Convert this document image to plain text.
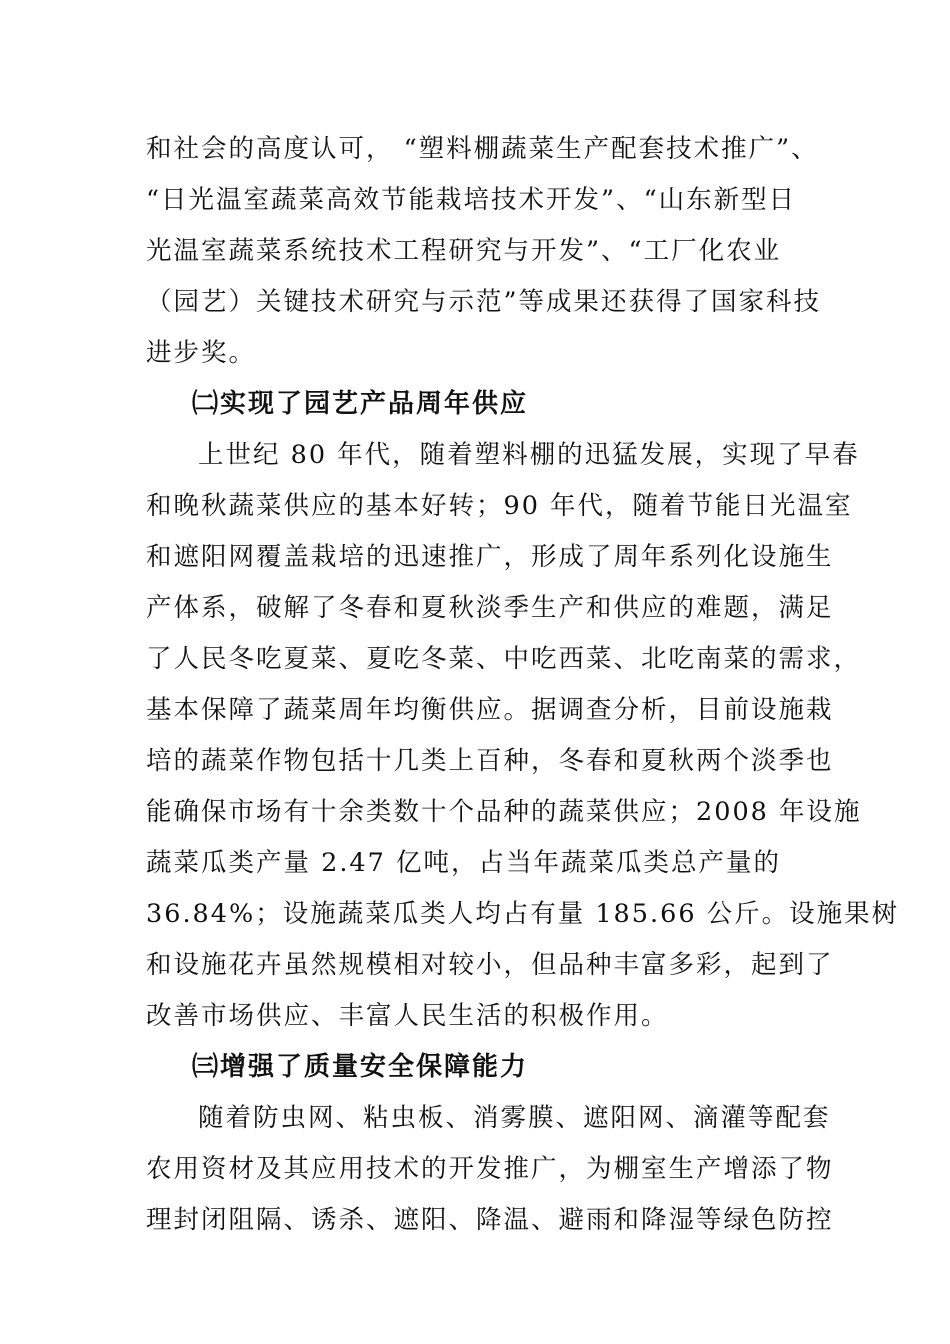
和社会的高度认可， “塑料棚蔬菜生产配套技术推广”、
“日光温室蔬菜高效节能栽培技术开发”、“山东新型日
光温室蔬菜系统技术工程研究与开发”、“工厂化农业
（园艺）关键技术研究与示范”等成果还获得了国家科技
进步奖。
㈡实现了园艺产品周年供应
上世纪 80 年代，随着塑料棚的迅猛发展，实现了早春
和晚秋蔬菜供应的基本好转；90 年代，随着节能日光温室
和遮阳网覆盖栽培的迅速推广，形成了周年系列化设施生
产体系，破解了冬春和夏秋淡季生产和供应的难题，满足
了人民冬吃夏菜、夏吃冬菜、中吃西菜、北吃南菜的需求，
基本保障了蔬菜周年均衡供应。据调查分析，目前设施栽
培的蔬菜作物包括十几类上百种，冬春和夏秋两个淡季也
能确保市场有十余类数十个品种的蔬菜供应；2008 年设施
蔬菜瓜类产量 2.47 亿吨，占当年蔬菜瓜类总产量的
36.84%；设施蔬菜瓜类人均占有量 185.66 公斤。设施果树
和设施花卉虽然规模相对较小，但品种丰富多彩，起到了
改善市场供应、丰富人民生活的积极作用。
㈢增强了质量安全保障能力
随着防虫网、粘虫板、消雾膜、遮阳网、滴灌等配套
农用资材及其应用技术的开发推广，为棚室生产增添了物
理封闭阻隔、诱杀、遮阳、降温、避雨和降湿等绿色防控
